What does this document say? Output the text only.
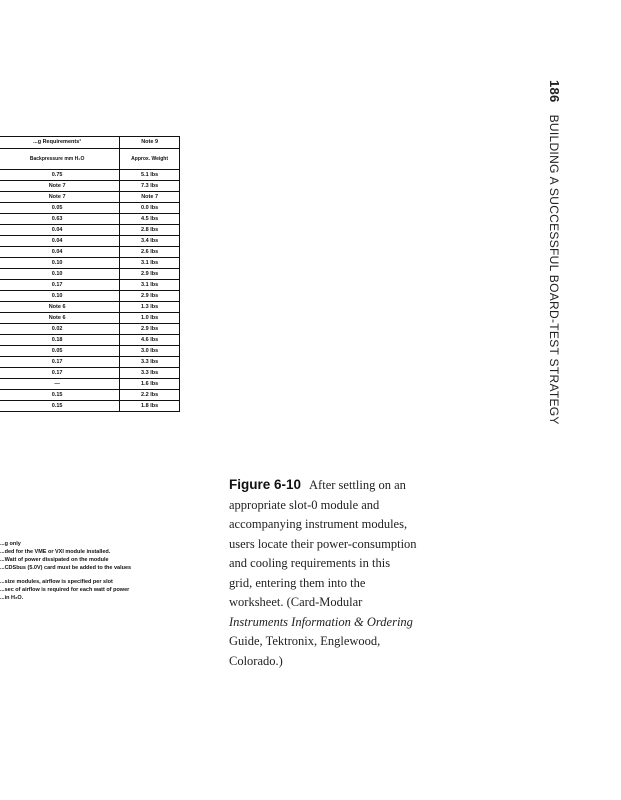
186BUILDING A SUCCESSFUL BOARD-TEST STRATEGY
...g Requirements¹	Note 9
Backpressure mm H₂O	Approx. Weight
0.75	5.1 lbs
Note 7	7.3 lbs
Note 7	Note 7
0.05	0.0 lbs
0.63	4.5 lbs
0.04	2.8 lbs
0.04	3.4 lbs
0.04	2.6 lbs
0.10	3.1 lbs
0.10	2.9 lbs
0.17	3.1 lbs
0.10	2.9 lbs
Note 6	1.3 lbs
Note 6	1.0 lbs
0.02	2.9 lbs
0.18	4.6 lbs
0.05	3.0 lbs
0.17	3.3 lbs
0.17	3.3 lbs
—	1.6 lbs
0.15	2.2 lbs
0.15	1.8 lbs
...g only
...ded for the VME or VXI module installed.
...Watt of power dissipated on the module
...CDSbus (5.0V) card must be added to the values
...size modules, airflow is specified per slot
...sec of airflow is required for each watt of power
...in H₂O.
Figure 6-10 After settling on an
appropriate slot-0 module and
accompanying instrument modules,
users locate their power-consumption
and cooling requirements in this
grid, entering them into the
worksheet. (Card-Modular
Instruments Information & Ordering
Guide, Tektronix, Englewood,
Colorado.)
